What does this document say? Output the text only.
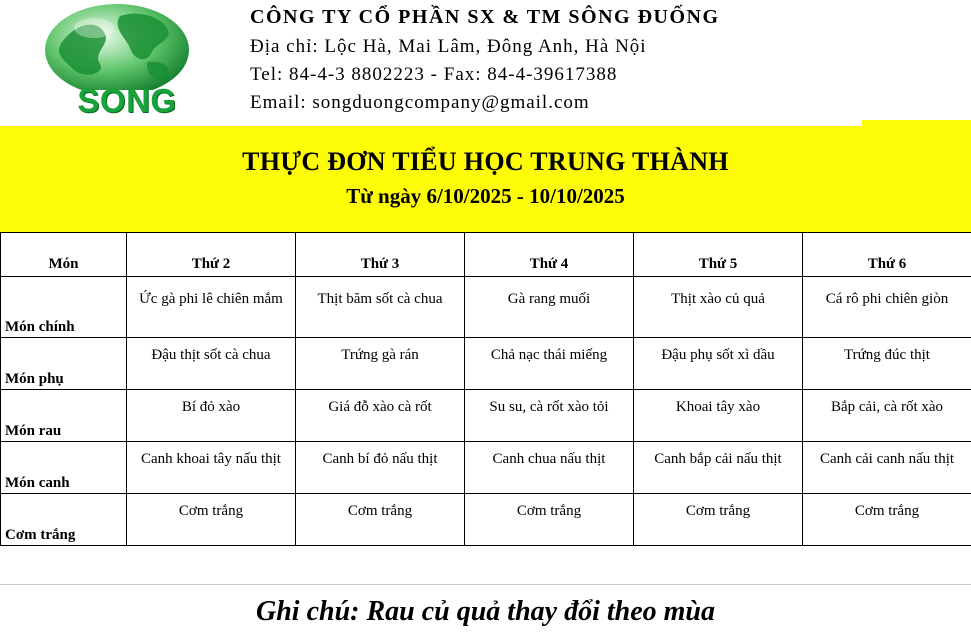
SONG
CÔNG TY CỔ PHẦN SX & TM SÔNG ĐUỐNG
Địa chỉ: Lộc Hà, Mai Lâm, Đông Anh, Hà Nội
Tel: 84-4-3 8802223 - Fax: 84-4-39617388
Email: songduongcompany@gmail.com
THỰC ĐƠN TIỂU HỌC TRUNG THÀNH
Từ ngày 6/10/2025 - 10/10/2025
Món	Thứ 2	Thứ 3	Thứ 4	Thứ 5	Thứ 6
Món chính	Ức gà phi lê chiên mắm	Thịt băm sốt cà chua	Gà rang muối	Thịt xào củ quả	Cá rô phi chiên giòn
Món phụ	Đậu thịt sốt cà chua	Trứng gà rán	Chả nạc thái miếng	Đậu phụ sốt xì dầu	Trứng đúc thịt
Món rau	Bí đỏ xào	Giá đỗ xào cà rốt	Su su, cà rốt xào tỏi	Khoai tây xào	Bắp cải, cà rốt xào
Món canh	Canh khoai tây nấu thịt	Canh bí đỏ nấu thịt	Canh chua nấu thịt	Canh bắp cải nấu thịt	Canh cải canh nấu thịt
Cơm trắng	Cơm trắng	Cơm trắng	Cơm trắng	Cơm trắng	Cơm trắng
Ghi chú: Rau củ quả thay đổi theo mùa
